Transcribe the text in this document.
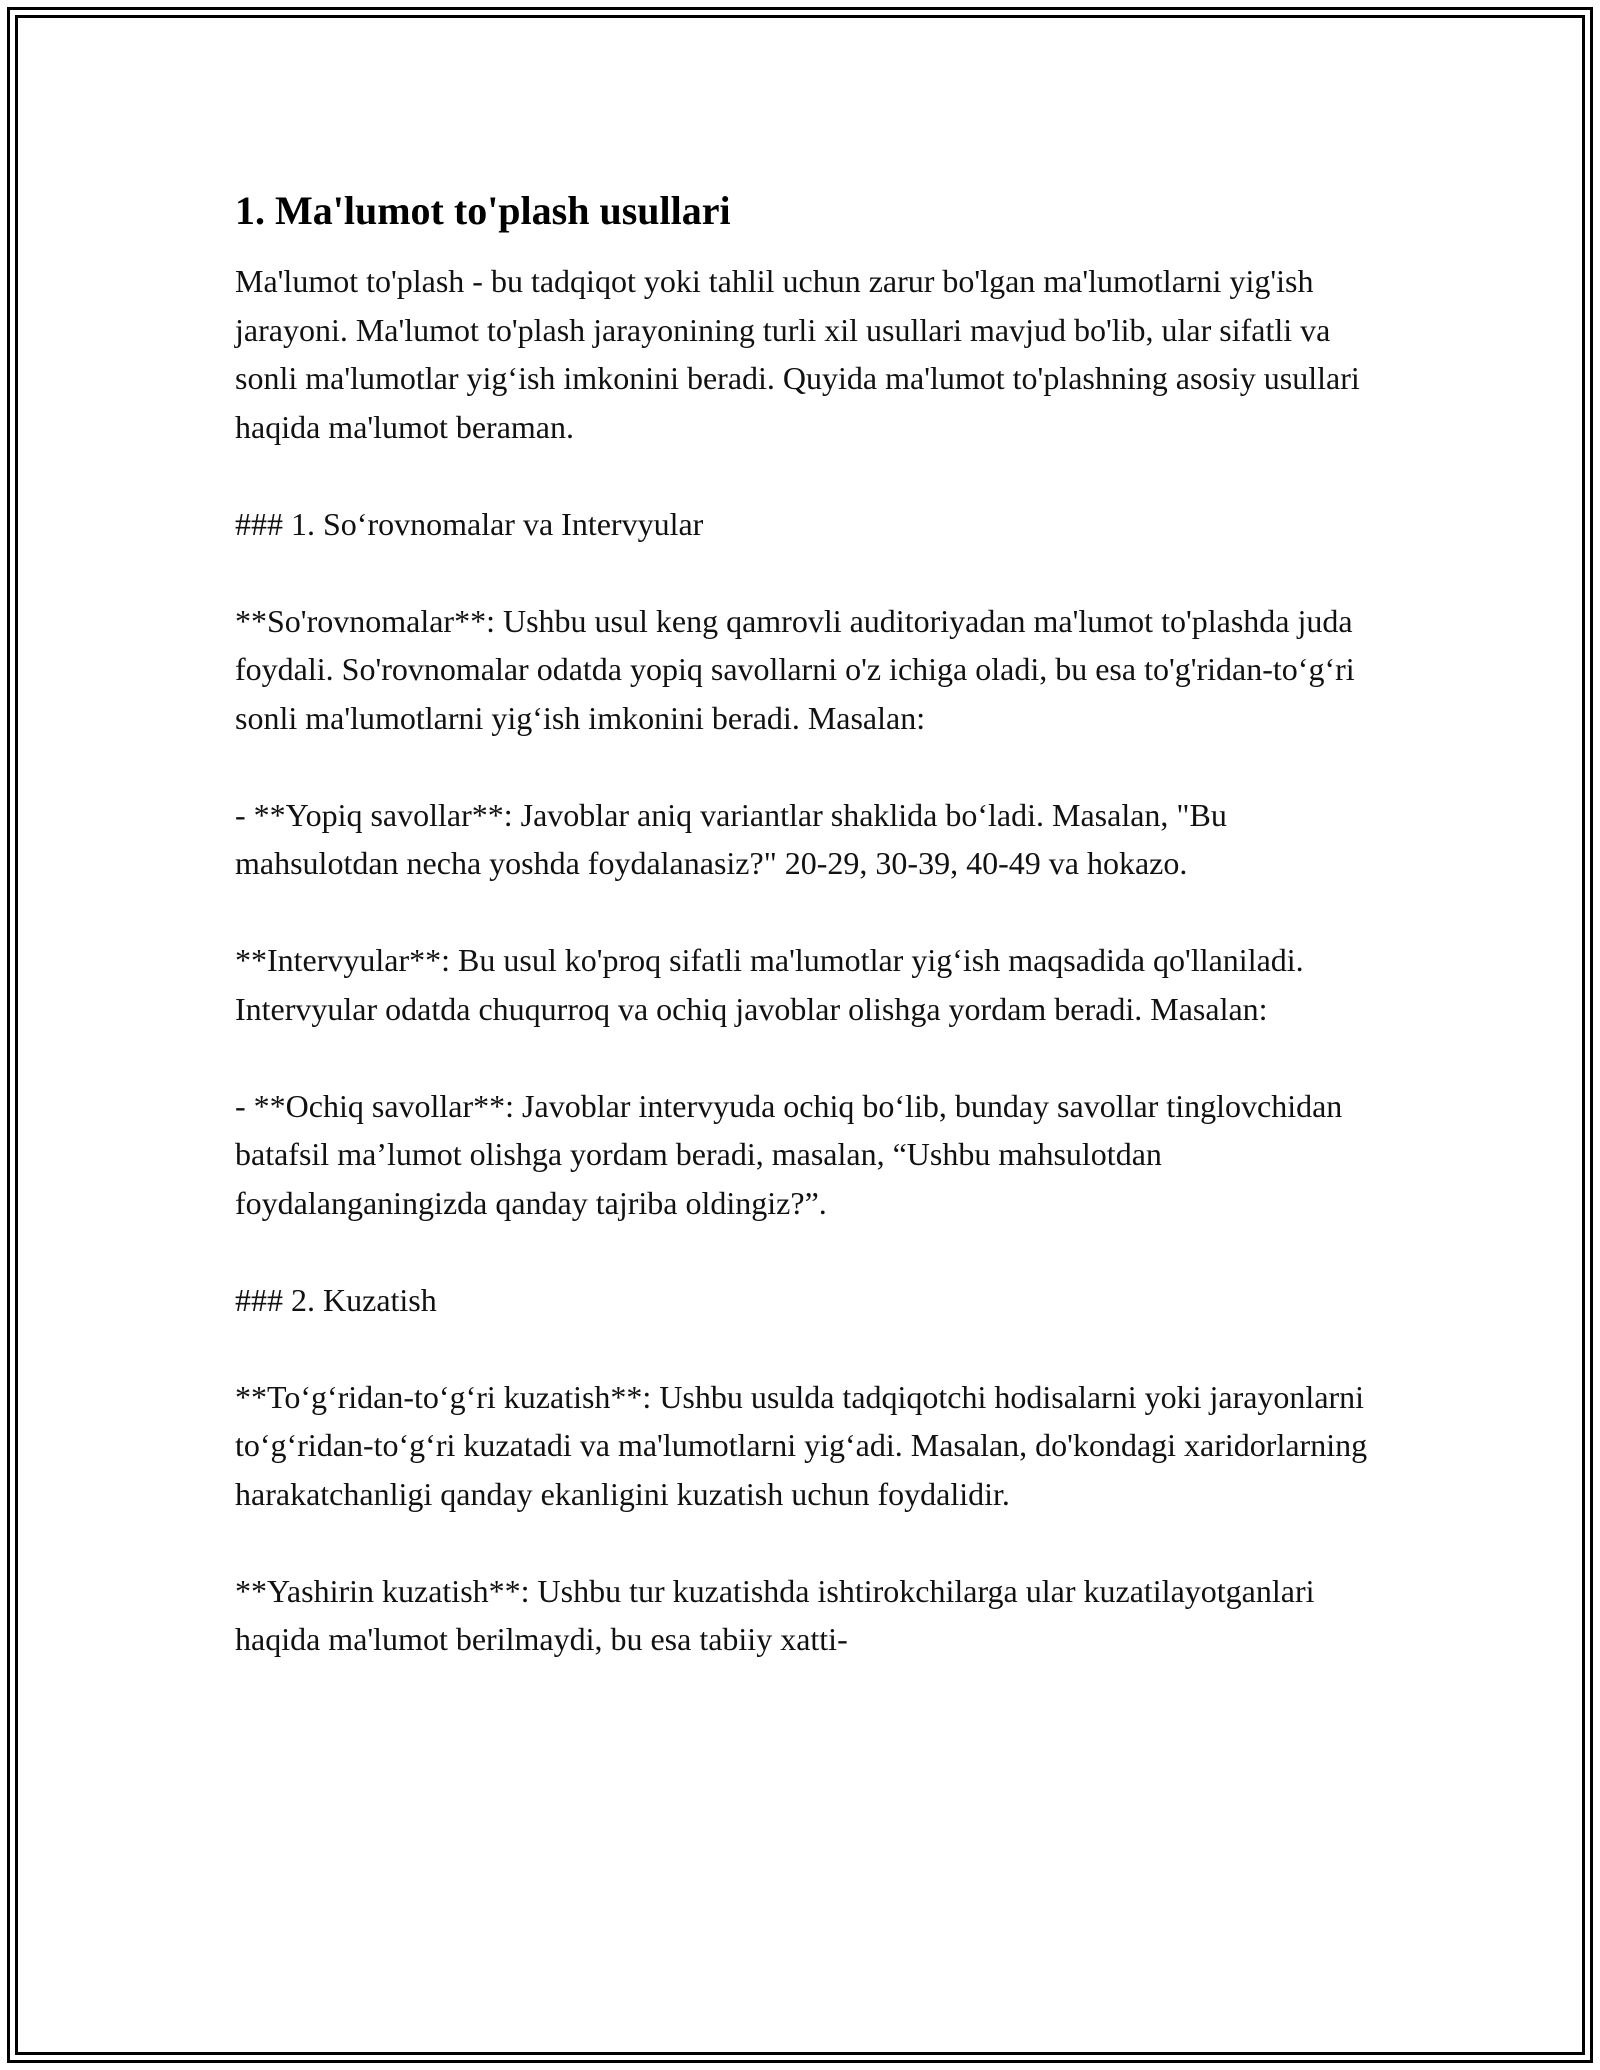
1. Ma'lumot to'plash usullari

Ma'lumot to'plash - bu tadqiqot yoki tahlil uchun zarur bo'lgan ma'lumotlarni yig'ish jarayoni. Ma'lumot to'plash jarayonining turli xil usullari mavjud bo'lib, ular sifatli va sonli ma'lumotlar yig‘ish imkonini beradi. Quyida ma'lumot to'plashning asosiy usullari haqida ma'lumot beraman.

### 1. So‘rovnomalar va Intervyular

**So'rovnomalar**: Ushbu usul keng qamrovli auditoriyadan ma'lumot to'plashda juda foydali. So'rovnomalar odatda yopiq savollarni o'z ichiga oladi, bu esa to'g'ridan-to‘g‘ri sonli ma'lumotlarni yig‘ish imkonini beradi. Masalan:

- **Yopiq savollar**: Javoblar aniq variantlar shaklida bo‘ladi. Masalan, "Bu mahsulotdan necha yoshda foydalanasiz?" 20-29, 30-39, 40-49 va hokazo.

**Intervyular**: Bu usul ko'proq sifatli ma'lumotlar yig‘ish maqsadida qo'llaniladi. Intervyular odatda chuqurroq va ochiq javoblar olishga yordam beradi. Masalan:

- **Ochiq savollar**: Javoblar intervyuda ochiq bo‘lib, bunday savollar tinglovchidan batafsil ma’lumot olishga yordam beradi, masalan, “Ushbu mahsulotdan foydalanganingizda qanday tajriba oldingiz?”.

### 2. Kuzatish

**To‘g‘ridan-to‘g‘ri kuzatish**: Ushbu usulda tadqiqotchi hodisalarni yoki jarayonlarni to‘g‘ridan-to‘g‘ri kuzatadi va ma'lumotlarni yig‘adi. Masalan, do'kondagi xaridorlarning harakatchanligi qanday ekanligini kuzatish uchun foydalidir.

**Yashirin kuzatish**: Ushbu tur kuzatishda ishtirokchilarga ular kuzatilayotganlari haqida ma'lumot berilmaydi, bu esa tabiiy xatti-
